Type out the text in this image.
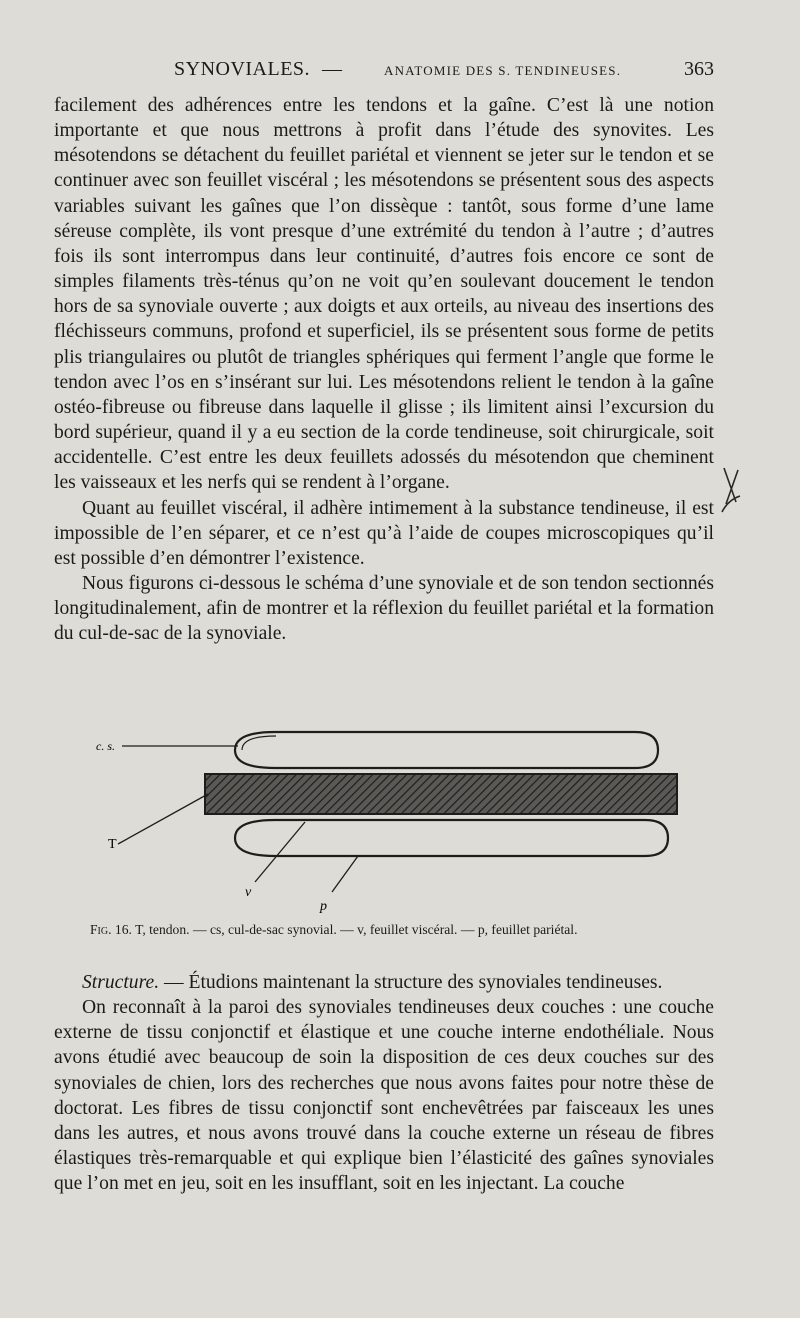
SYNOVIALES. —	ANATOMIE DES S. TENDINEUSES.	363

facilement des adhérences entre les tendons et la gaîne. C’est là une notion importante et que nous mettrons à profit dans l’étude des synovites. Les mésotendons se détachent du feuillet pariétal et viennent se jeter sur le tendon et se continuer avec son feuillet viscéral ; les mésotendons se présentent sous des aspects variables suivant les gaînes que l’on dissèque : tantôt, sous forme d’une lame séreuse complète, ils vont presque d’une extrémité du tendon à l’autre ; d’autres fois ils sont interrompus dans leur continuité, d’autres fois encore ce sont de simples filaments très-ténus qu’on ne voit qu’en soulevant doucement le tendon hors de sa synoviale ouverte ; aux doigts et aux orteils, au niveau des insertions des fléchisseurs communs, profond et superficiel, ils se présentent sous forme de petits plis triangulaires ou plutôt de triangles sphériques qui ferment l’angle que forme le tendon avec l’os en s’insérant sur lui. Les mésotendons relient le tendon à la gaîne ostéo-fibreuse ou fibreuse dans laquelle il glisse ; ils limitent ainsi l’excursion du bord supérieur, quand il y a eu section de la corde tendineuse, soit chirurgicale, soit accidentelle. C’est entre les deux feuillets adossés du mésotendon que cheminent les vaisseaux et les nerfs qui se rendent à l’organe.

Quant au feuillet viscéral, il adhère intimement à la substance tendineuse, il est impossible de l’en séparer, et ce n’est qu’à l’aide de coupes microscopiques qu’il est possible d’en démontrer l’existence.

Nous figurons ci-dessous le schéma d’une synoviale et de son tendon sectionnés longitudinalement, afin de montrer et la réflexion du feuillet pariétal et la formation du cul-de-sac de la synoviale.

c. s.
T
v
p
Fig. 16. T, tendon. — cs, cul-de-sac synovial. — v, feuillet viscéral. — p, feuillet pariétal.

Structure. — Étudions maintenant la structure des synoviales tendineuses.

On reconnaît à la paroi des synoviales tendineuses deux couches : une couche externe de tissu conjonctif et élastique et une couche interne endothéliale. Nous avons étudié avec beaucoup de soin la disposition de ces deux couches sur des synoviales de chien, lors des recherches que nous avons faites pour notre thèse de doctorat. Les fibres de tissu conjonctif sont enchevêtrées par faisceaux les unes dans les autres, et nous avons trouvé dans la couche externe un réseau de fibres élastiques très-remarquable et qui explique bien l’élasticité des gaînes synoviales que l’on met en jeu, soit en les insufflant, soit en les injectant. La couche
